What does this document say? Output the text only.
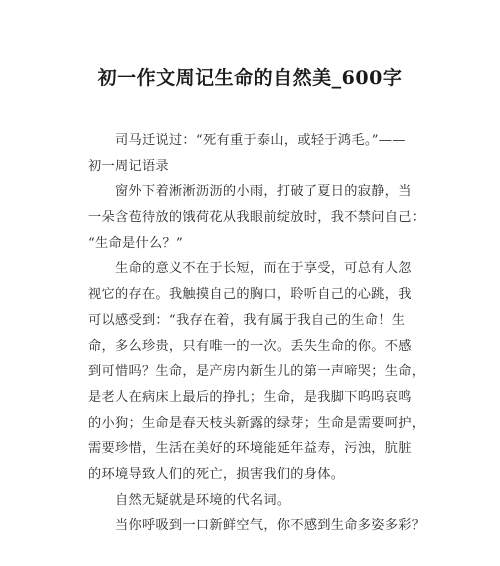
初一作文周记生命的自然美_600字
司马迁说过：“死有重于泰山，或轻于鸿毛。”——
初一周记语录
窗外下着淅淅沥沥的小雨，打破了夏日的寂静，当
一朵含苞待放的饿荷花从我眼前绽放时，我不禁问自己：
“生命是什么？”
生命的意义不在于长短，而在于享受，可总有人忽
视它的存在。我触摸自己的胸口，聆听自己的心跳，我
可以感受到：“我存在着，我有属于我自己的生命！生
命，多么珍贵，只有唯一的一次。丢失生命的你。不感
到可惜吗？生命，是产房内新生儿的第一声啼哭；生命，
是老人在病床上最后的挣扎；生命，是我脚下呜呜哀鸣
的小狗；生命是春天枝头新露的绿芽；生命是需要呵护，
需要珍惜，生活在美好的环境能延年益寿，污浊，肮脏
的环境导致人们的死亡，损害我们的身体。
自然无疑就是环境的代名词。
当你呼吸到一口新鲜空气，你不感到生命多姿多彩？
